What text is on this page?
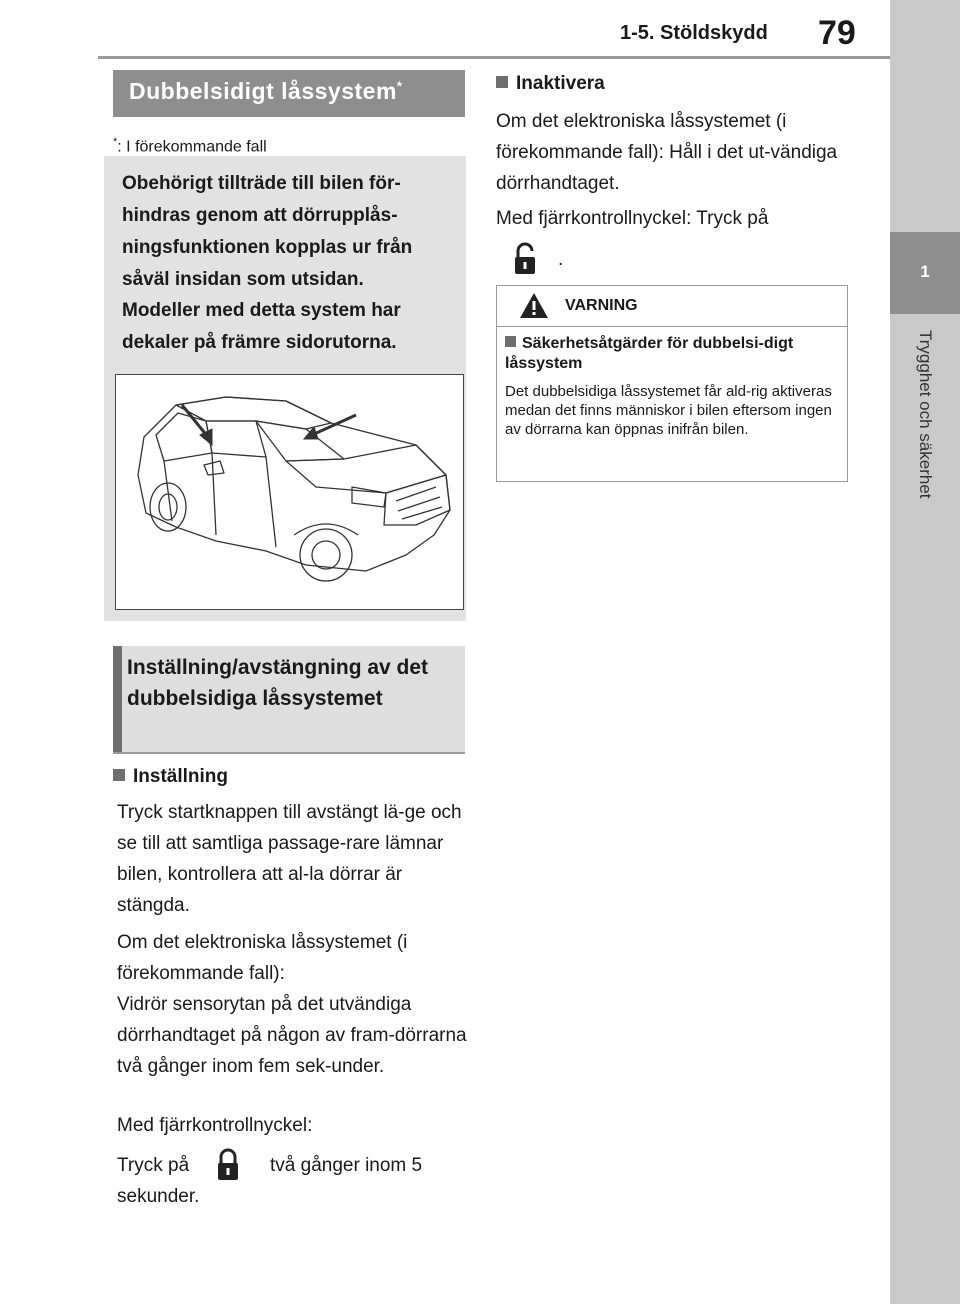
1-5. Stöldskydd 79
1
Trygghet och säkerhet
Dubbelsidigt låssystem*
*: I förekommande fall
Obehörigt tillträde till bilen för-hindras genom att dörrupplås-ningsfunktionen kopplas ur från såväl insidan som utsidan.
Modeller med detta system har dekaler på främre sidorutorna.
Inställning/avstängning av det dubbelsidiga låssystemet
Inställning
Tryck startknappen till avstängt lä-ge och se till att samtliga passage-rare lämnar bilen, kontrollera att al-la dörrar är stängda.
Om det elektroniska låssystemet (i förekommande fall):
Vidrör sensorytan på det utvändiga dörrhandtaget på någon av fram-dörrarna två gånger inom fem sek-under.
Med fjärrkontrollnyckel:
Tryck på	två gånger inom 5
sekunder.
Inaktivera
Om det elektroniska låssystemet (i förekommande fall): Håll i det ut-vändiga dörrhandtaget.
Med fjärrkontrollnyckel: Tryck på
.
VARNING
Säkerhetsåtgärder för dubbelsi-digt låssystem
Det dubbelsidiga låssystemet får ald-rig aktiveras medan det finns människor i bilen eftersom ingen av dörrarna kan öppnas inifrån bilen.
